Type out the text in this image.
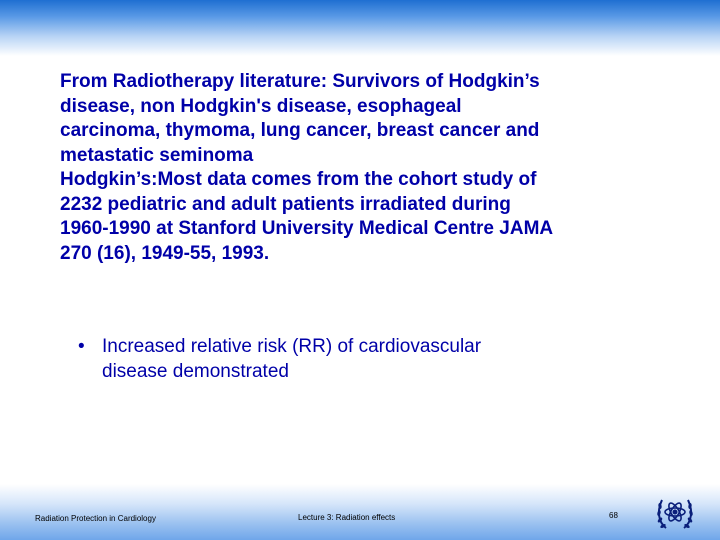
From Radiotherapy literature: Survivors of Hodgkin’s
disease, non Hodgkin's disease, esophageal
carcinoma, thymoma, lung cancer, breast cancer and
metastatic seminoma
Hodgkin’s:Most data comes from the cohort study of
2232 pediatric and adult patients irradiated during
1960-1990 at Stanford University Medical Centre JAMA
270 (16), 1949-55, 1993.
• Increased relative risk (RR) of cardiovascular
disease demonstrated
Radiation Protection in Cardiology	Lecture 3: Radiation effects	68
